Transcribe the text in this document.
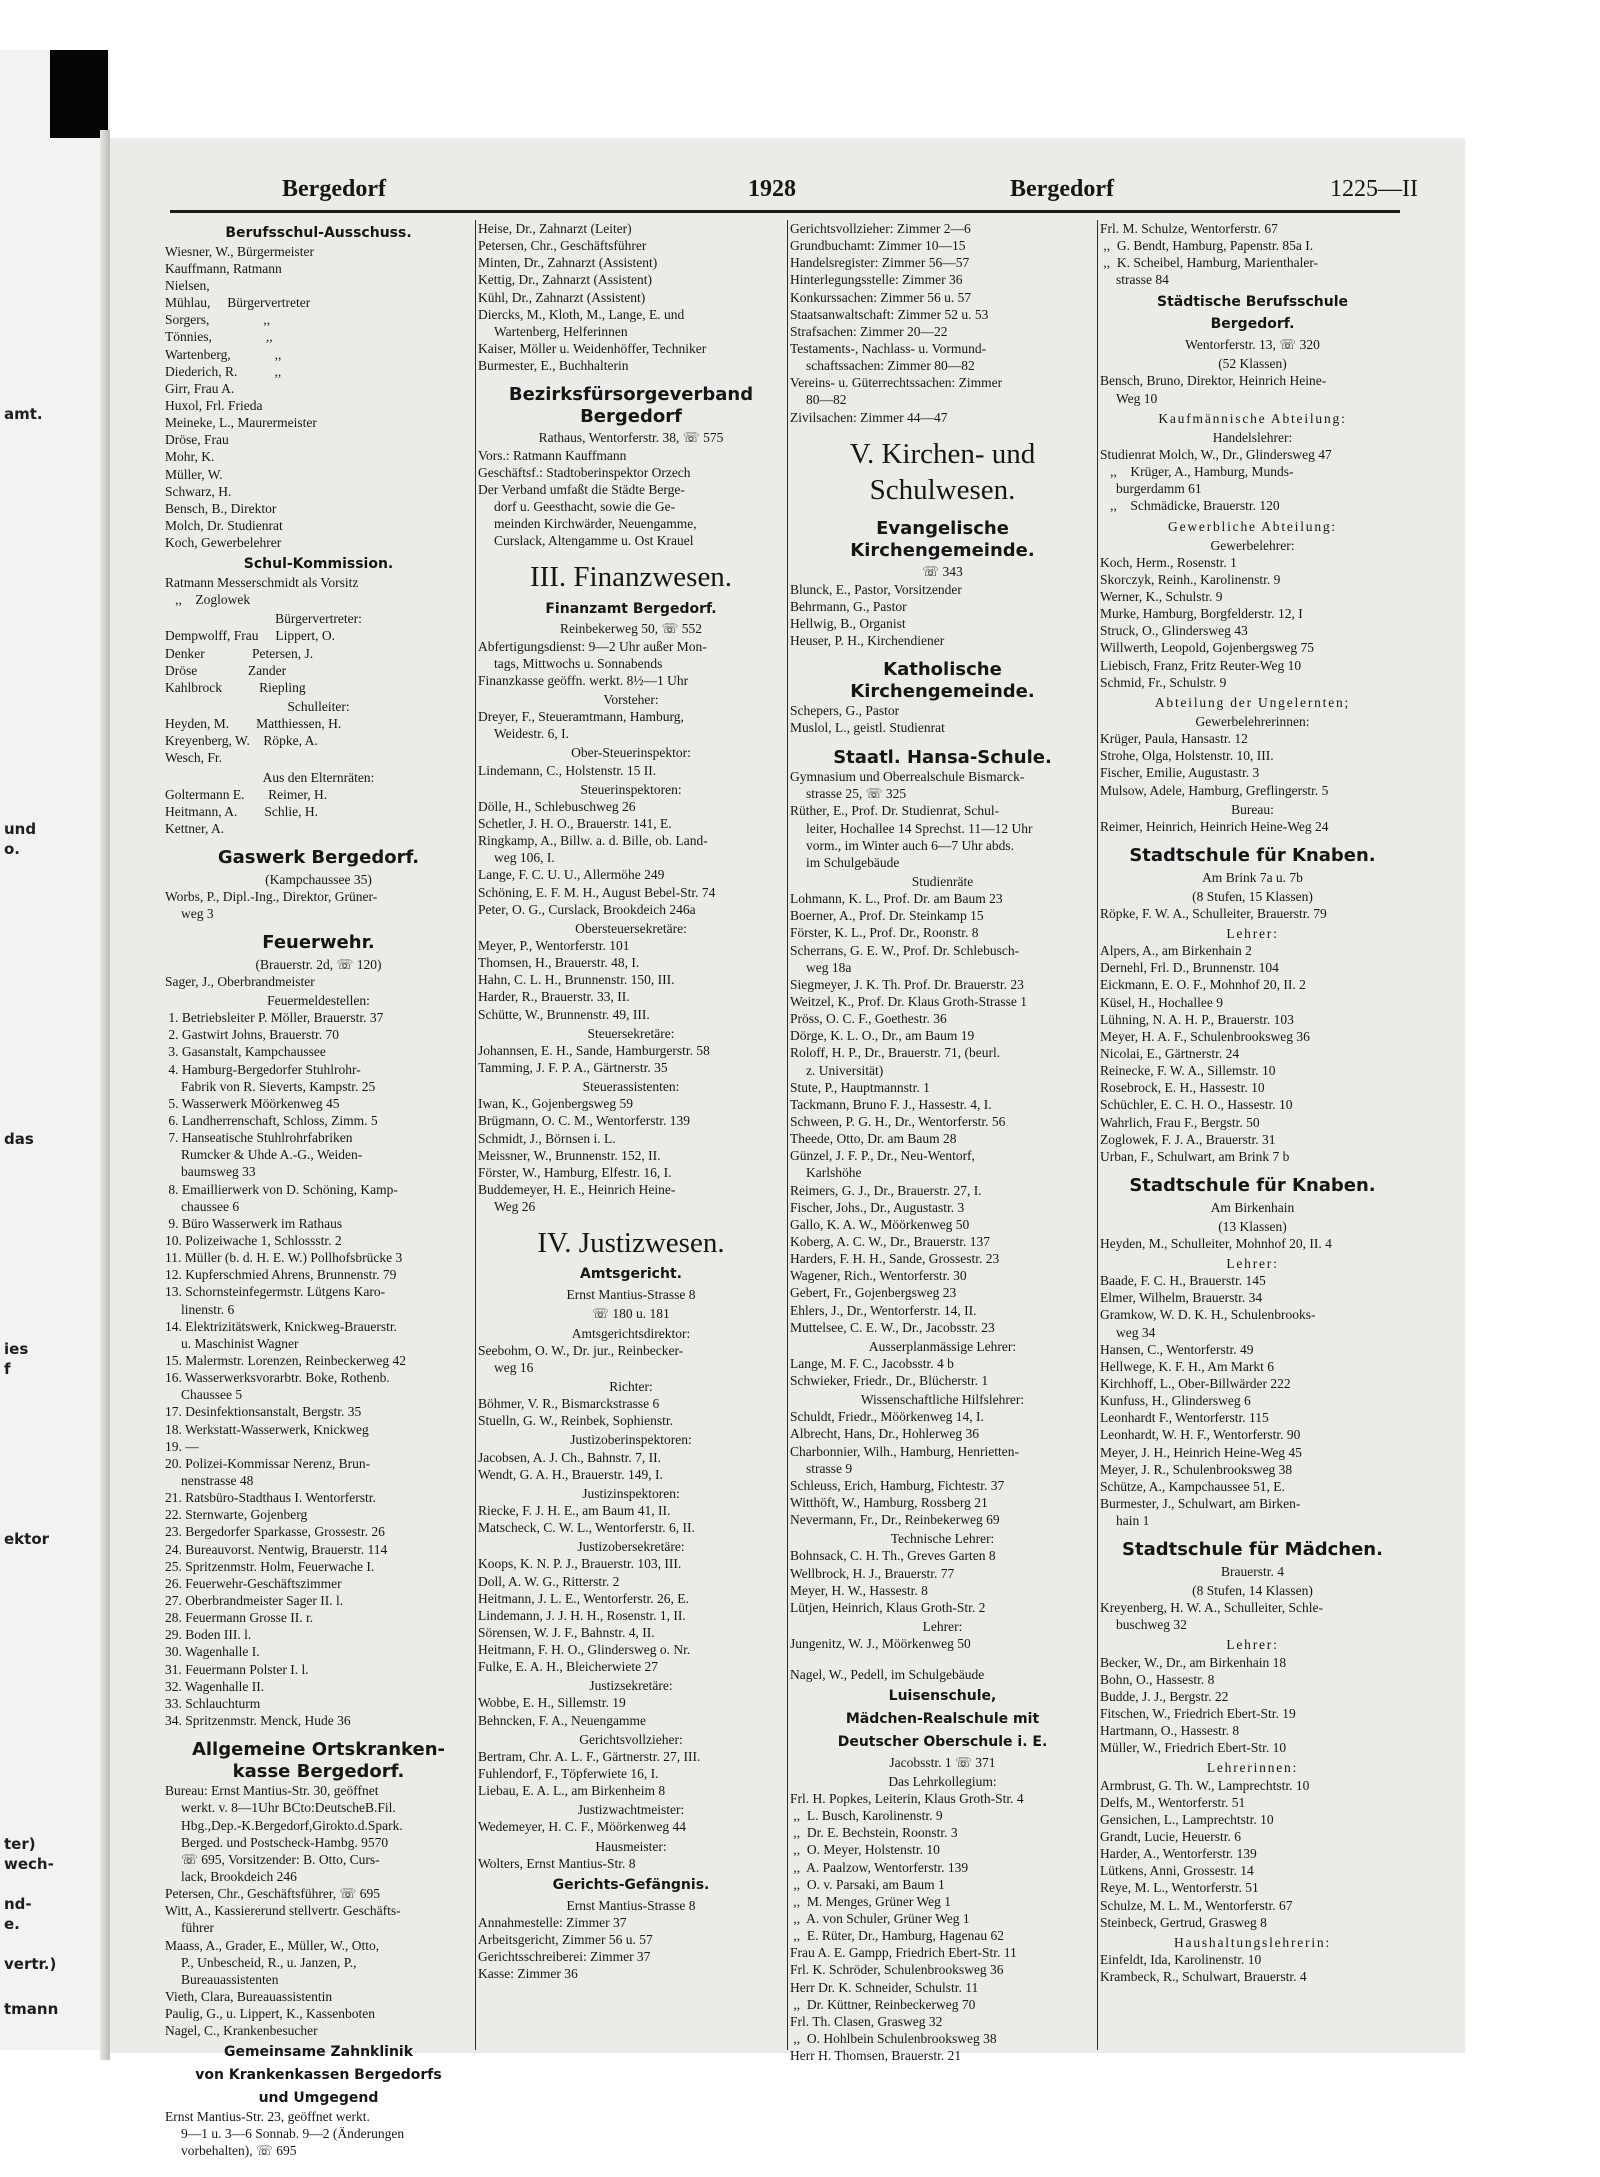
amt.
und
o.
das
ies
f
ektor
ter)
wech-
nd-
e.
vertr.)
tmann
Bergedorf	1928	Bergedorf	1225—II
Berufsschul-Ausschuss.
Wiesner, W., Bürgermeister
Kauffmann, Ratmann
Nielsen,
Mühlau,     Bürgervertreter
Sorgers,                ,,
Tönnies,                ,,
Wartenberg,             ,,
Diederich, R.           ,,
Girr, Frau A.
Huxol, Frl. Frieda
Meineke, L., Maurermeister
Dröse, Frau
Mohr, K.
Müller, W.
Schwarz, H.
Bensch, B., Direktor
Molch, Dr. Studienrat
Koch, Gewerbelehrer
Schul-Kommission.
Ratmann Messerschmidt als Vorsitz
,,    Zoglowek
Bürgervertreter:
Dempwolff, Frau     Lippert, O.
Denker              Petersen, J.
Dröse               Zander
Kahlbrock           Riepling
Schulleiter:
Heyden, M.        Matthiessen, H.
Kreyenberg, W.    Röpke, A.
Wesch, Fr.
Aus den Elternräten:
Goltermann E.       Reimer, H.
Heitmann, A.        Schlie, H.
Kettner, A.
Gaswerk Bergedorf.
(Kampchaussee 35)
Worbs, P., Dipl.-Ing., Direktor, Grüner-
weg 3
Feuerwehr.
(Brauerstr. 2d, ☏ 120)
Sager, J., Oberbrandmeister
Feuermeldestellen:
1. Betriebsleiter P. Möller, Brauerstr. 37
2. Gastwirt Johns, Brauerstr. 70
3. Gasanstalt, Kampchaussee
4. Hamburg-Bergedorfer Stuhlrohr-
Fabrik von R. Sieverts, Kampstr. 25
5. Wasserwerk Möörkenweg 45
6. Landherrenschaft, Schloss, Zimm. 5
7. Hanseatische Stuhlrohrfabriken
Rumcker & Uhde A.-G., Weiden-
baumsweg 33
8. Emaillierwerk von D. Schöning, Kamp-
chaussee 6
9. Büro Wasserwerk im Rathaus
10. Polizeiwache 1, Schlossstr. 2
11. Müller (b. d. H. E. W.) Pollhofsbrücke 3
12. Kupferschmied Ahrens, Brunnenstr. 79
13. Schornsteinfegermstr. Lütgens Karo-
linenstr. 6
14. Elektrizitätswerk, Knickweg-Brauerstr.
u. Maschinist Wagner
15. Malermstr. Lorenzen, Reinbeckerweg 42
16. Wasserwerksvorarbtr. Boke, Rothenb.
Chaussee 5
17. Desinfektionsanstalt, Bergstr. 35
18. Werkstatt-Wasserwerk, Knickweg
19. —
20. Polizei-Kommissar Nerenz, Brun-
nenstrasse 48
21. Ratsbüro-Stadthaus I. Wentorferstr.
22. Sternwarte, Gojenberg
23. Bergedorfer Sparkasse, Grossestr. 26
24. Bureauvorst. Nentwig, Brauerstr. 114
25. Spritzenmstr. Holm, Feuerwache I.
26. Feuerwehr-Geschäftszimmer
27. Oberbrandmeister Sager II. l.
28. Feuermann Grosse II. r.
29. Boden III. l.
30. Wagenhalle I.
31. Feuermann Polster I. l.
32. Wagenhalle II.
33. Schlauchturm
34. Spritzenmstr. Menck, Hude 36
Allgemeine Ortskranken-
kasse Bergedorf.
Bureau: Ernst Mantius-Str. 30, geöffnet
werkt. v. 8—1Uhr BCto:DeutscheB.Fil.
Hbg.,Dep.-K.Bergedorf,Girokto.d.Spark.
Berged. und Postscheck-Hambg. 9570
☏ 695, Vorsitzender: B. Otto, Curs-
lack, Brookdeich 246
Petersen, Chr., Geschäftsführer, ☏ 695
Witt, A., Kassiererund stellvertr. Geschäfts-
führer
Maass, A., Grader, E., Müller, W., Otto,
P., Unbescheid, R., u. Janzen, P.,
Bureauassistenten
Vieth, Clara, Bureauassistentin
Paulig, G., u. Lippert, K., Kassenboten
Nagel, C., Krankenbesucher
Gemeinsame Zahnklinik
von Krankenkassen Bergedorfs
und Umgegend
Ernst Mantius-Str. 23, geöffnet werkt.
9—1 u. 3—6 Sonnab. 9—2 (Änderungen
vorbehalten), ☏ 695
Heise, Dr., Zahnarzt (Leiter)
Petersen, Chr., Geschäftsführer
Minten, Dr., Zahnarzt (Assistent)
Kettig, Dr., Zahnarzt (Assistent)
Kühl, Dr., Zahnarzt (Assistent)
Diercks, M., Kloth, M., Lange, E. und
Wartenberg, Helferinnen
Kaiser, Möller u. Weidenhöffer, Techniker
Burmester, E., Buchhalterin
Bezirksfürsorgeverband
Bergedorf
Rathaus, Wentorferstr. 38, ☏ 575
Vors.: Ratmann Kauffmann
Geschäftsf.: Stadtoberinspektor Orzech
Der Verband umfaßt die Städte Berge-
dorf u. Geesthacht, sowie die Ge-
meinden Kirchwärder, Neuengamme,
Curslack, Altengamme u. Ost Krauel
III. Finanzwesen.
Finanzamt Bergedorf.
Reinbekerweg 50, ☏ 552
Abfertigungsdienst: 9—2 Uhr außer Mon-
tags, Mittwochs u. Sonnabends
Finanzkasse geöffn. werkt. 8½—1 Uhr
Vorsteher:
Dreyer, F., Steueramtmann, Hamburg,
Weidestr. 6, I.
Ober-Steuerinspektor:
Lindemann, C., Holstenstr. 15 II.
Steuerinspektoren:
Dölle, H., Schlebuschweg 26
Schetler, J. H. O., Brauerstr. 141, E.
Ringkamp, A., Billw. a. d. Bille, ob. Land-
weg 106, I.
Lange, F. C. U. U., Allermöhe 249
Schöning, E. F. M. H., August Bebel-Str. 74
Peter, O. G., Curslack, Brookdeich 246a
Obersteuersekretäre:
Meyer, P., Wentorferstr. 101
Thomsen, H., Brauerstr. 48, I.
Hahn, C. L. H., Brunnenstr. 150, III.
Harder, R., Brauerstr. 33, II.
Schütte, W., Brunnenstr. 49, III.
Steuersekretäre:
Johannsen, E. H., Sande, Hamburgerstr. 58
Tamming, J. F. P. A., Gärtnerstr. 35
Steuerassistenten:
Iwan, K., Gojenbergsweg 59
Brügmann, O. C. M., Wentorferstr. 139
Schmidt, J., Börnsen i. L.
Meissner, W., Brunnenstr. 152, II.
Förster, W., Hamburg, Elfestr. 16, I.
Buddemeyer, H. E., Heinrich Heine-
Weg 26
IV. Justizwesen.
Amtsgericht.
Ernst Mantius-Strasse 8
☏ 180 u. 181
Amtsgerichtsdirektor:
Seebohm, O. W., Dr. jur., Reinbecker-
weg 16
Richter:
Böhmer, V. R., Bismarckstrasse 6
Stuelln, G. W., Reinbek, Sophienstr.
Justizoberinspektoren:
Jacobsen, A. J. Ch., Bahnstr. 7, II.
Wendt, G. A. H., Brauerstr. 149, I.
Justizinspektoren:
Riecke, F. J. H. E., am Baum 41, II.
Matscheck, C. W. L., Wentorferstr. 6, II.
Justizobersekretäre:
Koops, K. N. P. J., Brauerstr. 103, III.
Doll, A. W. G., Ritterstr. 2
Heitmann, J. L. E., Wentorferstr. 26, E.
Lindemann, J. J. H. H., Rosenstr. 1, II.
Sörensen, W. J. F., Bahnstr. 4, II.
Heitmann, F. H. O., Glindersweg o. Nr.
Fulke, E. A. H., Bleicherwiete 27
Justizsekretäre:
Wobbe, E. H., Sillemstr. 19
Behncken, F. A., Neuengamme
Gerichtsvollzieher:
Bertram, Chr. A. L. F., Gärtnerstr. 27, III.
Fuhlendorf, F., Töpferwiete 16, I.
Liebau, E. A. L., am Birkenheim 8
Justizwachtmeister:
Wedemeyer, H. C. F., Möörkenweg 44
Hausmeister:
Wolters, Ernst Mantius-Str. 8
Gerichts-Gefängnis.
Ernst Mantius-Strasse 8
Annahmestelle: Zimmer 37
Arbeitsgericht, Zimmer 56 u. 57
Gerichtsschreiberei: Zimmer 37
Kasse: Zimmer 36
Gerichtsvollzieher: Zimmer 2—6
Grundbuchamt: Zimmer 10—15
Handelsregister: Zimmer 56—57
Hinterlegungsstelle: Zimmer 36
Konkurssachen: Zimmer 56 u. 57
Staatsanwaltschaft: Zimmer 52 u. 53
Strafsachen: Zimmer 20—22
Testaments-, Nachlass- u. Vormund-
schaftssachen: Zimmer 80—82
Vereins- u. Güterrechtssachen: Zimmer
80—82
Zivilsachen: Zimmer 44—47
V. Kirchen- und
Schulwesen.
Evangelische
Kirchengemeinde.
☏ 343
Blunck, E., Pastor, Vorsitzender
Behrmann, G., Pastor
Hellwig, B., Organist
Heuser, P. H., Kirchendiener
Katholische
Kirchengemeinde.
Schepers, G., Pastor
Muslol, L., geistl. Studienrat
Staatl. Hansa-Schule.
Gymnasium und Oberrealschule Bismarck-
strasse 25, ☏ 325
Rüther, E., Prof. Dr. Studienrat, Schul-
leiter, Hochallee 14 Sprechst. 11—12 Uhr
vorm., im Winter auch 6—7 Uhr abds.
im Schulgebäude
Studienräte
Lohmann, K. L., Prof. Dr. am Baum 23
Boerner, A., Prof. Dr. Steinkamp 15
Förster, K. L., Prof. Dr., Roonstr. 8
Scherrans, G. E. W., Prof. Dr. Schlebusch-
weg 18a
Siegmeyer, J. K. Th. Prof. Dr. Brauerstr. 23
Weitzel, K., Prof. Dr. Klaus Groth-Strasse 1
Pröss, O. C. F., Goethestr. 36
Dörge, K. L. O., Dr., am Baum 19
Roloff, H. P., Dr., Brauerstr. 71, (beurl.
z. Universität)
Stute, P., Hauptmannstr. 1
Tackmann, Bruno F. J., Hassestr. 4, I.
Schween, P. G. H., Dr., Wentorferstr. 56
Theede, Otto, Dr. am Baum 28
Günzel, J. F. P., Dr., Neu-Wentorf,
Karlshöhe
Reimers, G. J., Dr., Brauerstr. 27, I.
Fischer, Johs., Dr., Augustastr. 3
Gallo, K. A. W., Möörkenweg 50
Koberg, A. C. W., Dr., Brauerstr. 137
Harders, F. H. H., Sande, Grossestr. 23
Wagener, Rich., Wentorferstr. 30
Gebert, Fr., Gojenbergsweg 23
Ehlers, J., Dr., Wentorferstr. 14, II.
Muttelsee, C. E. W., Dr., Jacobsstr. 23
Ausserplanmässige Lehrer:
Lange, M. F. C., Jacobsstr. 4 b
Schwieker, Friedr., Dr., Blücherstr. 1
Wissenschaftliche Hilfslehrer:
Schuldt, Friedr., Möörkenweg 14, I.
Albrecht, Hans, Dr., Hohlerweg 36
Charbonnier, Wilh., Hamburg, Henrietten-
strasse 9
Schleuss, Erich, Hamburg, Fichtestr. 37
Witthöft, W., Hamburg, Rossberg 21
Nevermann, Fr., Dr., Reinbekerweg 69
Technische Lehrer:
Bohnsack, C. H. Th., Greves Garten 8
Wellbrock, H. J., Brauerstr. 77
Meyer, H. W., Hassestr. 8
Lütjen, Heinrich, Klaus Groth-Str. 2
Lehrer:
Jungenitz, W. J., Möörkenweg 50
Nagel, W., Pedell, im Schulgebäude
Luisenschule,
Mädchen-Realschule mit
Deutscher Oberschule i. E.
Jacobsstr. 1 ☏ 371
Das Lehrkollegium:
Frl. H. Popkes, Leiterin, Klaus Groth-Str. 4
,,  L. Busch, Karolinenstr. 9
,,  Dr. E. Bechstein, Roonstr. 3
,,  O. Meyer, Holstenstr. 10
,,  A. Paalzow, Wentorferstr. 139
,,  O. v. Parsaki, am Baum 1
,,  M. Menges, Grüner Weg 1
,,  A. von Schuler, Grüner Weg 1
,,  E. Rüter, Dr., Hamburg, Hagenau 62
Frau A. E. Gampp, Friedrich Ebert-Str. 11
Frl. K. Schröder, Schulenbrooksweg 36
Herr Dr. K. Schneider, Schulstr. 11
,,  Dr. Küttner, Reinbeckerweg 70
Frl. Th. Clasen, Grasweg 32
,,  O. Hohlbein Schulenbrooksweg 38
Herr H. Thomsen, Brauerstr. 21
Frl. M. Schulze, Wentorferstr. 67
,,  G. Bendt, Hamburg, Papenstr. 85a I.
,,  K. Scheibel, Hamburg, Marienthaler-
strasse 84
Städtische Berufsschule
Bergedorf.
Wentorferstr. 13, ☏ 320
(52 Klassen)
Bensch, Bruno, Direktor, Heinrich Heine-
Weg 10
Kaufmännische Abteilung:
Handelslehrer:
Studienrat Molch, W., Dr., Glindersweg 47
,,    Krüger, A., Hamburg, Munds-
burgerdamm 61
,,    Schmädicke, Brauerstr. 120
Gewerbliche Abteilung:
Gewerbelehrer:
Koch, Herm., Rosenstr. 1
Skorczyk, Reinh., Karolinenstr. 9
Werner, K., Schulstr. 9
Murke, Hamburg, Borgfelderstr. 12, I
Struck, O., Glindersweg 43
Willwerth, Leopold, Gojenbergsweg 75
Liebisch, Franz, Fritz Reuter-Weg 10
Schmid, Fr., Schulstr. 9
Abteilung der Ungelernten;
Gewerbelehrerinnen:
Krüger, Paula, Hansastr. 12
Strohe, Olga, Holstenstr. 10, III.
Fischer, Emilie, Augustastr. 3
Mulsow, Adele, Hamburg, Greflingerstr. 5
Bureau:
Reimer, Heinrich, Heinrich Heine-Weg 24
Stadtschule für Knaben.
Am Brink 7a u. 7b
(8 Stufen, 15 Klassen)
Röpke, F. W. A., Schulleiter, Brauerstr. 79
Lehrer:
Alpers, A., am Birkenhain 2
Dernehl, Frl. D., Brunnenstr. 104
Eickmann, E. O. F., Mohnhof 20, II. 2
Küsel, H., Hochallee 9
Lühning, N. A. H. P., Brauerstr. 103
Meyer, H. A. F., Schulenbrooksweg 36
Nicolai, E., Gärtnerstr. 24
Reinecke, F. W. A., Sillemstr. 10
Rosebrock, E. H., Hassestr. 10
Schüchler, E. C. H. O., Hassestr. 10
Wahrlich, Frau F., Bergstr. 50
Zoglowek, F. J. A., Brauerstr. 31
Urban, F., Schulwart, am Brink 7 b
Stadtschule für Knaben.
Am Birkenhain
(13 Klassen)
Heyden, M., Schulleiter, Mohnhof 20, II. 4
Lehrer:
Baade, F. C. H., Brauerstr. 145
Elmer, Wilhelm, Brauerstr. 34
Gramkow, W. D. K. H., Schulenbrooks-
weg 34
Hansen, C., Wentorferstr. 49
Hellwege, K. F. H., Am Markt 6
Kirchhoff, L., Ober-Billwärder 222
Kunfuss, H., Glindersweg 6
Leonhardt F., Wentorferstr. 115
Leonhardt, W. H. F., Wentorferstr. 90
Meyer, J. H., Heinrich Heine-Weg 45
Meyer, J. R., Schulenbrooksweg 38
Schütze, A., Kampchaussee 51, E.
Burmester, J., Schulwart, am Birken-
hain 1
Stadtschule für Mädchen.
Brauerstr. 4
(8 Stufen, 14 Klassen)
Kreyenberg, H. W. A., Schulleiter, Schle-
buschweg 32
Lehrer:
Becker, W., Dr., am Birkenhain 18
Bohn, O., Hassestr. 8
Budde, J. J., Bergstr. 22
Fitschen, W., Friedrich Ebert-Str. 19
Hartmann, O., Hassestr. 8
Müller, W., Friedrich Ebert-Str. 10
Lehrerinnen:
Armbrust, G. Th. W., Lamprechtstr. 10
Delfs, M., Wentorferstr. 51
Gensichen, L., Lamprechtstr. 10
Grandt, Lucie, Heuerstr. 6
Harder, A., Wentorferstr. 139
Lütkens, Anni, Grossestr. 14
Reye, M. L., Wentorferstr. 51
Schulze, M. L. M., Wentorferstr. 67
Steinbeck, Gertrud, Grasweg 8
Haushaltungslehrerin:
Einfeldt, Ida, Karolinenstr. 10
Krambeck, R., Schulwart, Brauerstr. 4
